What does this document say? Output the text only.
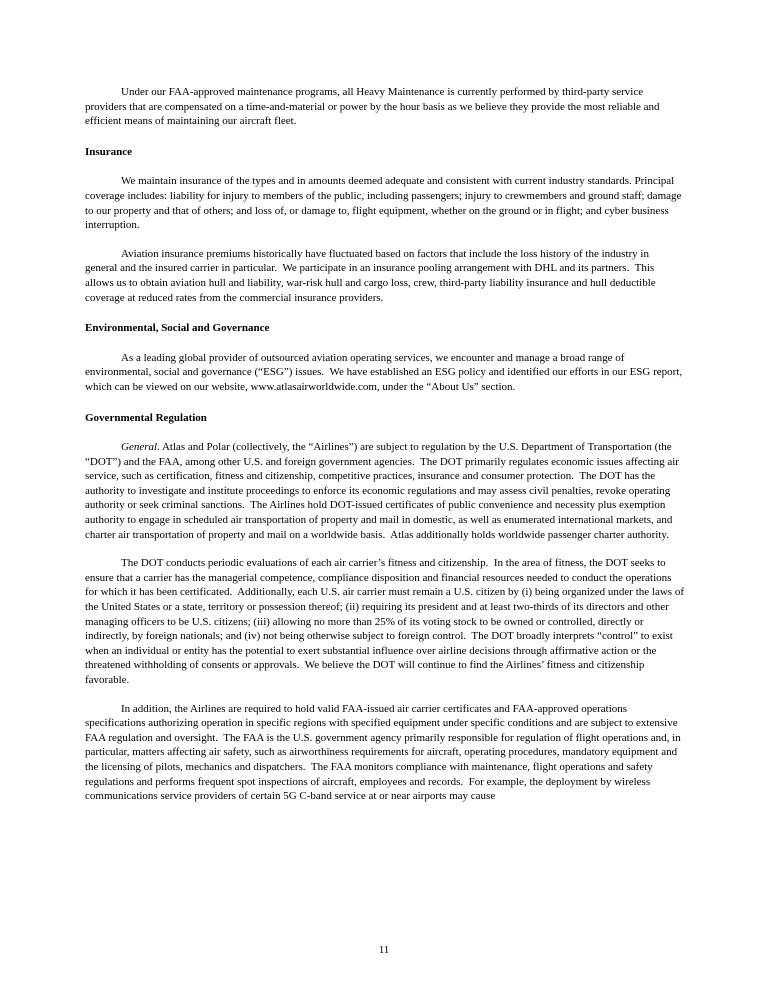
Under our FAA-approved maintenance programs, all Heavy Maintenance is currently performed by third-party service providers that are compensated on a time-and-material or power by the hour basis as we believe they provide the most reliable and efficient means of maintaining our aircraft fleet.

Insurance

We maintain insurance of the types and in amounts deemed adequate and consistent with current industry standards. Principal coverage includes: liability for injury to members of the public, including passengers; injury to crewmembers and ground staff; damage to our property and that of others; and loss of, or damage to, flight equipment, whether on the ground or in flight; and cyber business interruption.

Aviation insurance premiums historically have fluctuated based on factors that include the loss history of the industry in general and the insured carrier in particular.  We participate in an insurance pooling arrangement with DHL and its partners.  This allows us to obtain aviation hull and liability, war-risk hull and cargo loss, crew, third-party liability insurance and hull deductible coverage at reduced rates from the commercial insurance providers.

Environmental, Social and Governance

As a leading global provider of outsourced aviation operating services, we encounter and manage a broad range of environmental, social and governance (“ESG”) issues.  We have established an ESG policy and identified our efforts in our ESG report, which can be viewed on our website, www.atlasairworldwide.com, under the “About Us” section.

Governmental Regulation

General. Atlas and Polar (collectively, the “Airlines”) are subject to regulation by the U.S. Department of Transportation (the “DOT”) and the FAA, among other U.S. and foreign government agencies.  The DOT primarily regulates economic issues affecting air service, such as certification, fitness and citizenship, competitive practices, insurance and consumer protection.  The DOT has the authority to investigate and institute proceedings to enforce its economic regulations and may assess civil penalties, revoke operating authority or seek criminal sanctions.  The Airlines hold DOT-issued certificates of public convenience and necessity plus exemption authority to engage in scheduled air transportation of property and mail in domestic, as well as enumerated international markets, and charter air transportation of property and mail on a worldwide basis.  Atlas additionally holds worldwide passenger charter authority.

The DOT conducts periodic evaluations of each air carrier’s fitness and citizenship.  In the area of fitness, the DOT seeks to ensure that a carrier has the managerial competence, compliance disposition and financial resources needed to conduct the operations for which it has been certificated.  Additionally, each U.S. air carrier must remain a U.S. citizen by (i) being organized under the laws of the United States or a state, territory or possession thereof; (ii) requiring its president and at least two-thirds of its directors and other managing officers to be U.S. citizens; (iii) allowing no more than 25% of its voting stock to be owned or controlled, directly or indirectly, by foreign nationals; and (iv) not being otherwise subject to foreign control.  The DOT broadly interprets “control” to exist when an individual or entity has the potential to exert substantial influence over airline decisions through affirmative action or the threatened withholding of consents or approvals.  We believe the DOT will continue to find the Airlines’ fitness and citizenship favorable.

In addition, the Airlines are required to hold valid FAA-issued air carrier certificates and FAA-approved operations specifications authorizing operation in specific regions with specified equipment under specific conditions and are subject to extensive FAA regulation and oversight.  The FAA is the U.S. government agency primarily responsible for regulation of flight operations and, in particular, matters affecting air safety, such as airworthiness requirements for aircraft, operating procedures, mandatory equipment and the licensing of pilots, mechanics and dispatchers.  The FAA monitors compliance with maintenance, flight operations and safety regulations and performs frequent spot inspections of aircraft, employees and records.  For example, the deployment by wireless communications service providers of certain 5G C-band service at or near airports may cause

11
